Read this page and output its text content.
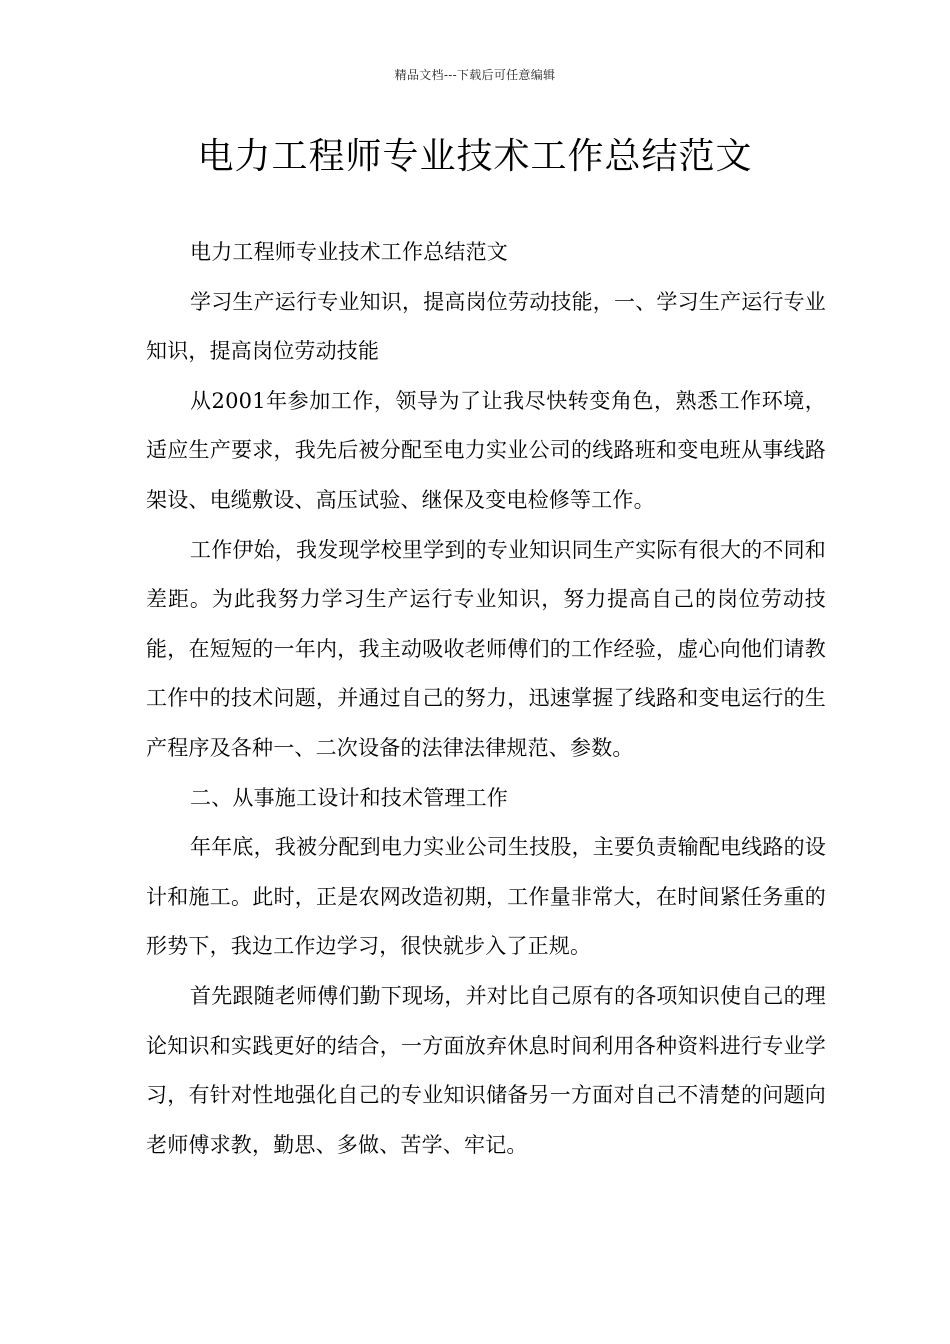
精品文档---下载后可任意编辑
电力工程师专业技术工作总结范文

电力工程师专业技术工作总结范文

学习生产运行专业知识，提高岗位劳动技能，一、学习生产运行专业知识，提高岗位劳动技能

从2001年参加工作，领导为了让我尽快转变角色，熟悉工作环境，适应生产要求，我先后被分配至电力实业公司的线路班和变电班从事线路架设、电缆敷设、高压试验、继保及变电检修等工作。

工作伊始，我发现学校里学到的专业知识同生产实际有很大的不同和差距。为此我努力学习生产运行专业知识，努力提高自己的岗位劳动技能，在短短的一年内，我主动吸收老师傅们的工作经验，虚心向他们请教工作中的技术问题，并通过自己的努力，迅速掌握了线路和变电运行的生产程序及各种一、二次设备的法律法律规范、参数。

二、从事施工设计和技术管理工作

年年底，我被分配到电力实业公司生技股，主要负责输配电线路的设计和施工。此时，正是农网改造初期，工作量非常大，在时间紧任务重的形势下，我边工作边学习，很快就步入了正规。

首先跟随老师傅们勤下现场，并对比自己原有的各项知识使自己的理论知识和实践更好的结合，一方面放弃休息时间利用各种资料进行专业学习，有针对性地强化自己的专业知识储备另一方面对自己不清楚的问题向老师傅求教，勤思、多做、苦学、牢记。
